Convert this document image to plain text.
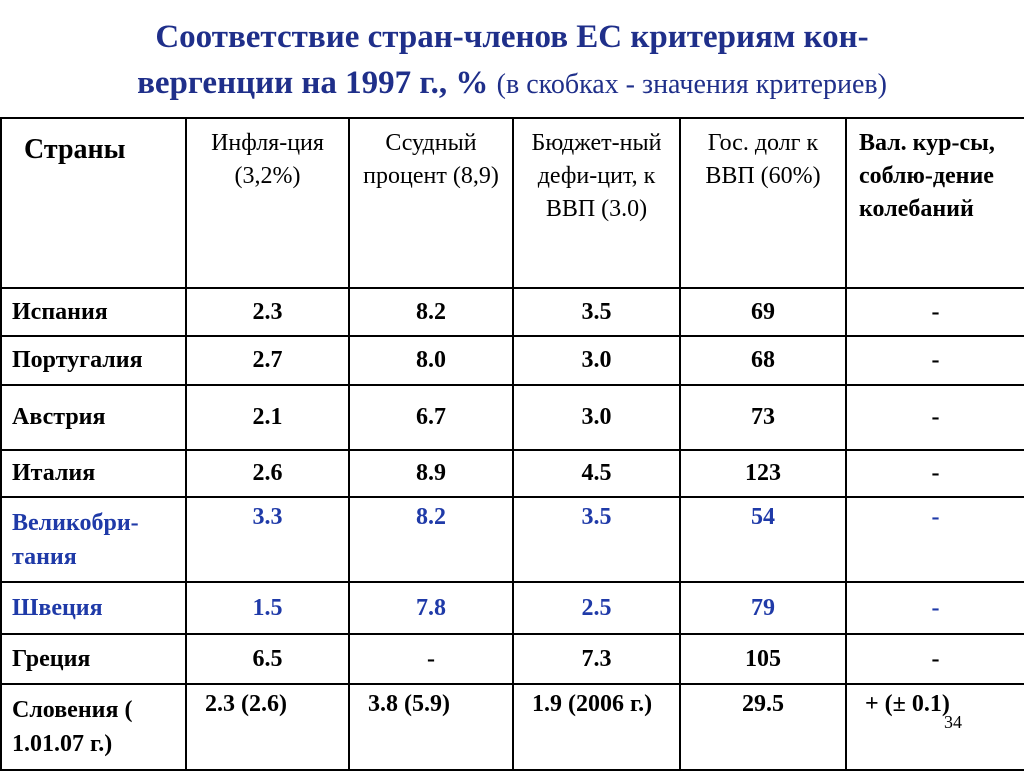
Соответствие стран-членов ЕС критериям кон-
вергенции на 1997 г., % (в скобках - значения критериев)
Страны	Инфля-ция (3,2%)	Ссудный процент (8,9)	Бюджет-ный дефи-цит, к ВВП (3.0)	Гос. долг к ВВП (60%)	Вал. кур-сы, соблю-дение колебаний
Испания	2.3	8.2	3.5	69	-
Португалия	2.7	8.0	3.0	68	-
Австрия	2.1	6.7	3.0	73	-
Италия	2.6	8.9	4.5	123	-
Великобри-тания	3.3	8.2	3.5	54	-
Швеция	1.5	7.8	2.5	79	-
Греция	6.5	-	7.3	105	-
Словения ( 1.01.07 г.)	2.3 (2.6)	3.8 (5.9)	1.9 (2006 г.)	29.5	+ (± 0.1)
34
